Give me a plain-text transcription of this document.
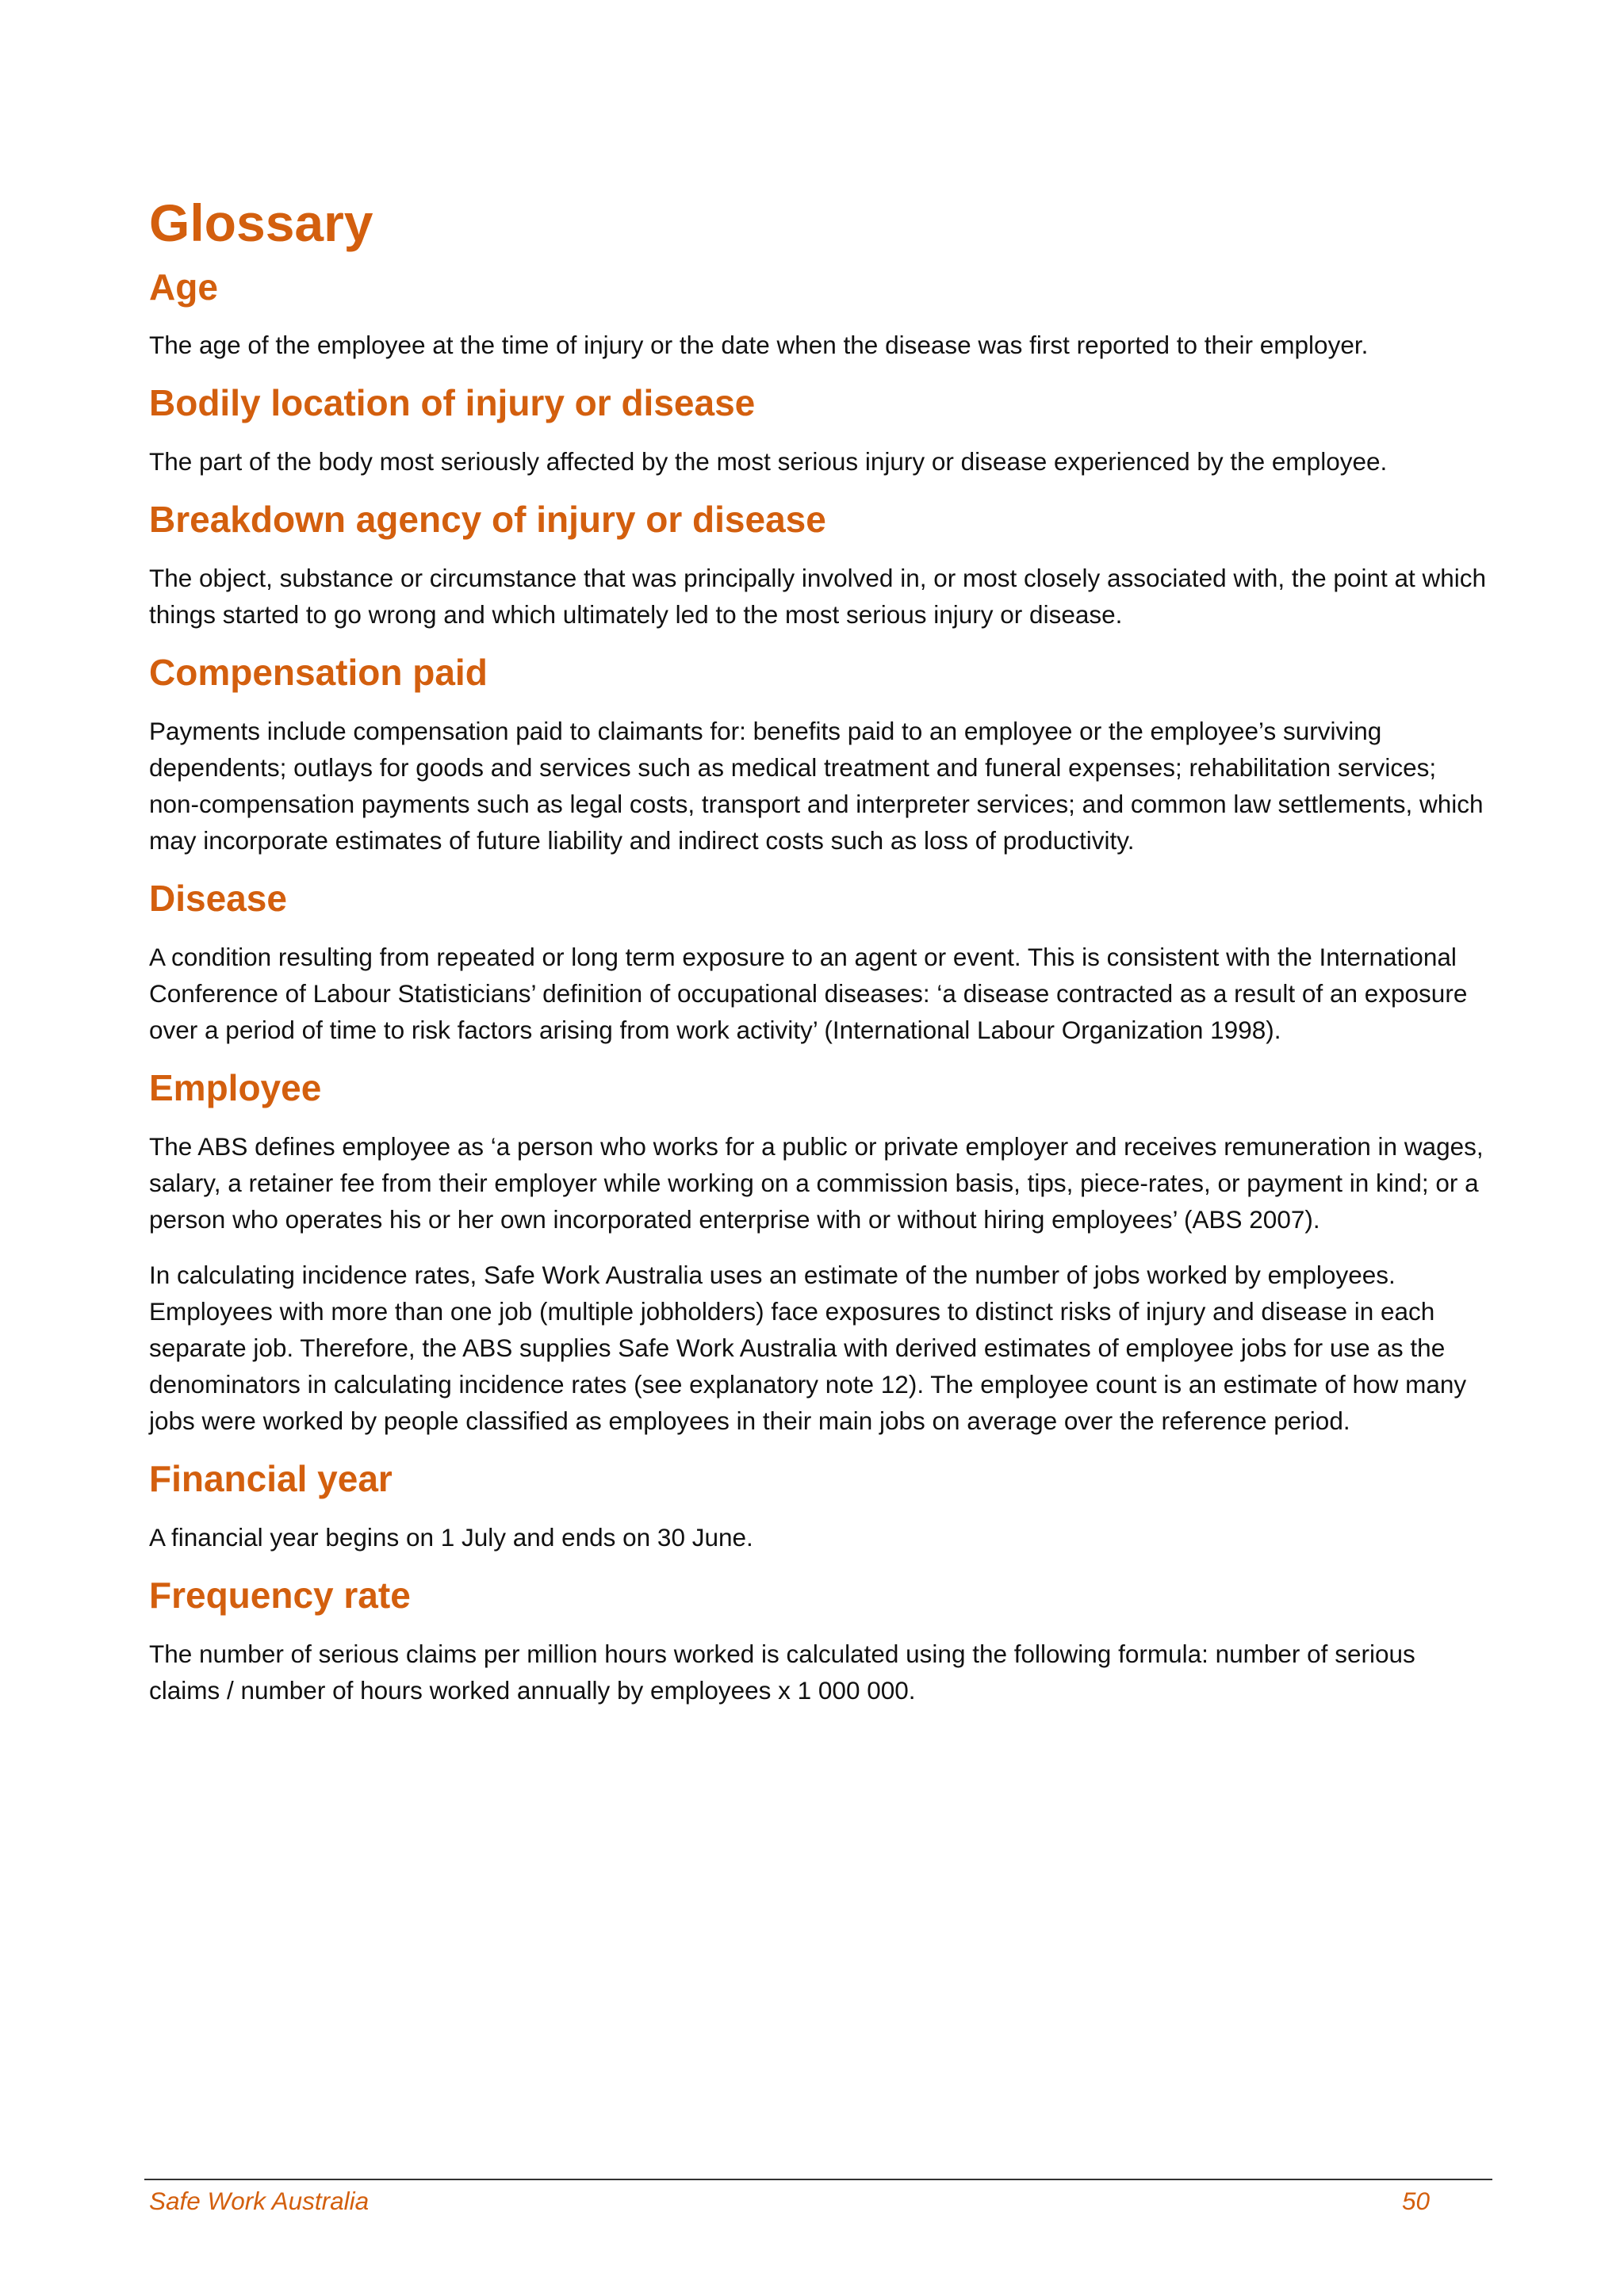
Glossary
Age

The age of the employee at the time of injury or the date when the disease was first reported to their employer.

Bodily location of injury or disease

The part of the body most seriously affected by the most serious injury or disease experienced by the employee.

Breakdown agency of injury or disease

The object, substance or circumstance that was principally involved in, or most closely associated with, the point at which things started to go wrong and which ultimately led to the most serious injury or disease.

Compensation paid

Payments include compensation paid to claimants for: benefits paid to an employee or the employee’s surviving dependents; outlays for goods and services such as medical treatment and funeral expenses; rehabilitation services; non-compensation payments such as legal costs, transport and interpreter services; and common law settlements, which may incorporate estimates of future liability and indirect costs such as loss of productivity.

Disease

A condition resulting from repeated or long term exposure to an agent or event. This is consistent with the International Conference of Labour Statisticians’ definition of occupational diseases: ‘a disease contracted as a result of an exposure over a period of time to risk factors arising from work activity’ (International Labour Organization 1998).

Employee

The ABS defines employee as ‘a person who works for a public or private employer and receives remuneration in wages, salary, a retainer fee from their employer while working on a commission basis, tips, piece-rates, or payment in kind; or a person who operates his or her own incorporated enterprise with or without hiring employees’ (ABS 2007).

In calculating incidence rates, Safe Work Australia uses an estimate of the number of jobs worked by employees. Employees with more than one job (multiple jobholders) face exposures to distinct risks of injury and disease in each separate job. Therefore, the ABS supplies Safe Work Australia with derived estimates of employee jobs for use as the denominators in calculating incidence rates (see explanatory note 12). The employee count is an estimate of how many jobs were worked by people classified as employees in their main jobs on average over the reference period.

Financial year

A financial year begins on 1 July and ends on 30 June.

Frequency rate

The number of serious claims per million hours worked is calculated using the following formula: number of serious claims / number of hours worked annually by employees x 1 000 000.

Safe Work Australia	50
